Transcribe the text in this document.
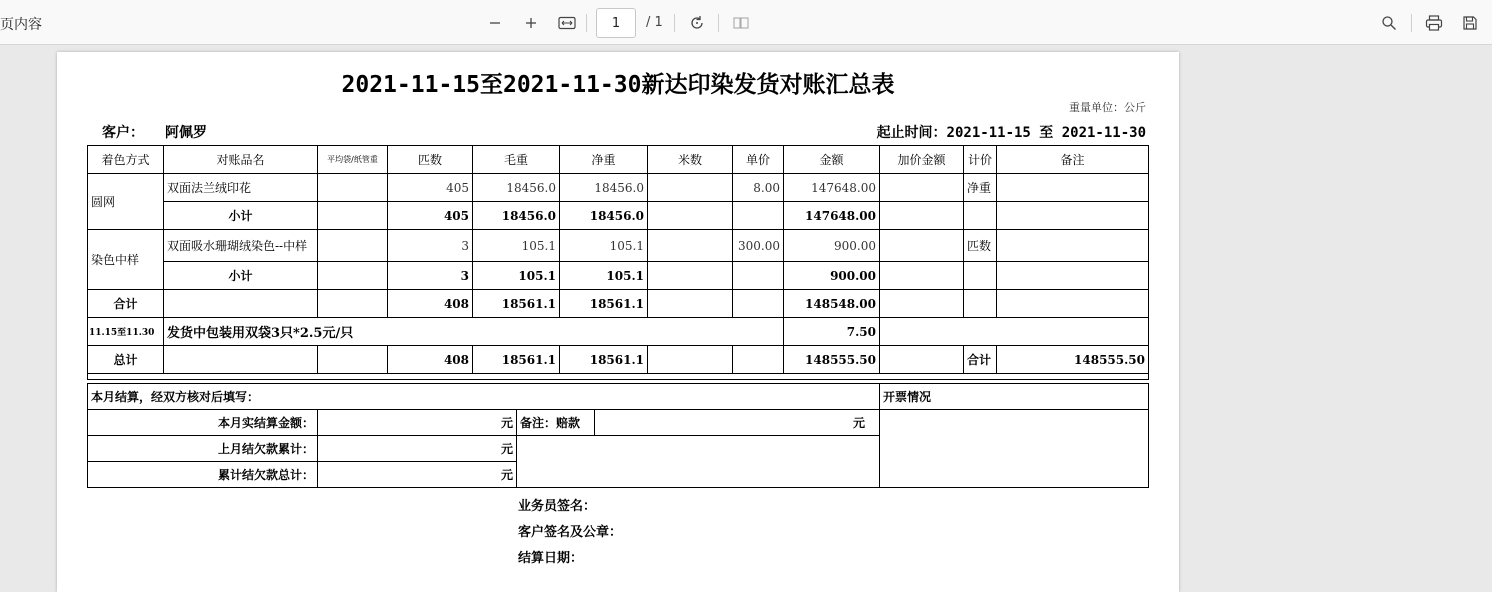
页内容
1	/ 1
2021-11-15至2021-11-30新达印染发货对账汇总表
重量单位：公斤
客户： 阿佩罗	起止时间：2021-11-15 至 2021-11-30
着色方式	对账品名	平均袋/纸管重	匹数	毛重	净重	米数	单价	金额	加价金额	计价	备注
圆网	双面法兰绒印花		405	18456.0	18456.0		8.00	147648.00		净重	
	小计		405	18456.0	18456.0			147648.00			
染色中样	双面吸水珊瑚绒染色--中样		3	105.1	105.1		300.00	900.00		匹数	
	小计		3	105.1	105.1			900.00			
合计			408	18561.1	18561.1			148548.00			
11.15至11.30	发货中包装用双袋3只*2.5元/只							7.50			
总计			408	18561.1	18561.1			148555.50		合计	148555.50

本月结算，经双方核对后填写：				开票情况
本月实结算金额：	元	备注：赔款	元	
上月结欠款累计：	元			
累计结欠款总计：	元			
业务员签名：
客户签名及公章：
结算日期：
